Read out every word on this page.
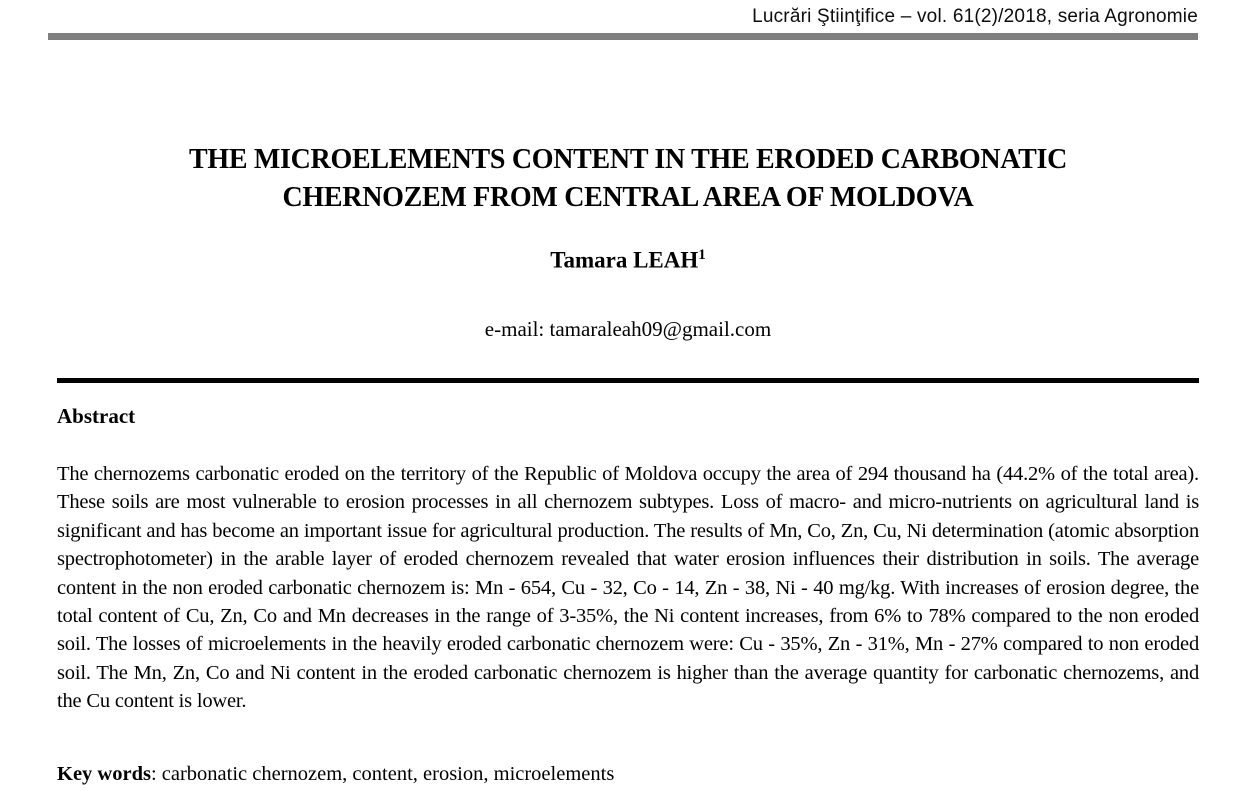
Lucrări Ştiinţifice – vol. 61(2)/2018, seria Agronomie
THE MICROELEMENTS CONTENT IN THE ERODED CARBONATIC
CHERNOZEM FROM CENTRAL AREA OF MOLDOVA
Tamara LEAH$^1$
e-mail: tamaraleah09@gmail.com
Abstract
The chernozems carbonatic eroded on the territory of the Republic of Moldova occupy the area of 294 thousand ha (44.2% of the total area). These soils are most vulnerable to erosion processes in all chernozem subtypes. Loss of macro- and micro-nutrients on agricultural land is significant and has become an important issue for agricultural production. The results of Mn, Co, Zn, Cu, Ni determination (atomic absorption spectrophotometer) in the arable layer of eroded chernozem revealed that water erosion influences their distribution in soils. The average content in the non eroded carbonatic chernozem is: Mn - 654, Cu - 32, Co - 14, Zn - 38, Ni - 40 mg/kg. With increases of erosion degree, the total content of Cu, Zn, Co and Mn decreases in the range of 3-35%, the Ni content increases, from 6% to 78% compared to the non eroded soil. The losses of microelements in the heavily eroded carbonatic chernozem were: Cu - 35%, Zn - 31%, Mn - 27% compared to non eroded soil. The Mn, Zn, Co and Ni content in the eroded carbonatic chernozem is higher than the average quantity for carbonatic chernozems, and the Cu content is lower.
Key words: carbonatic chernozem, content, erosion, microelements
